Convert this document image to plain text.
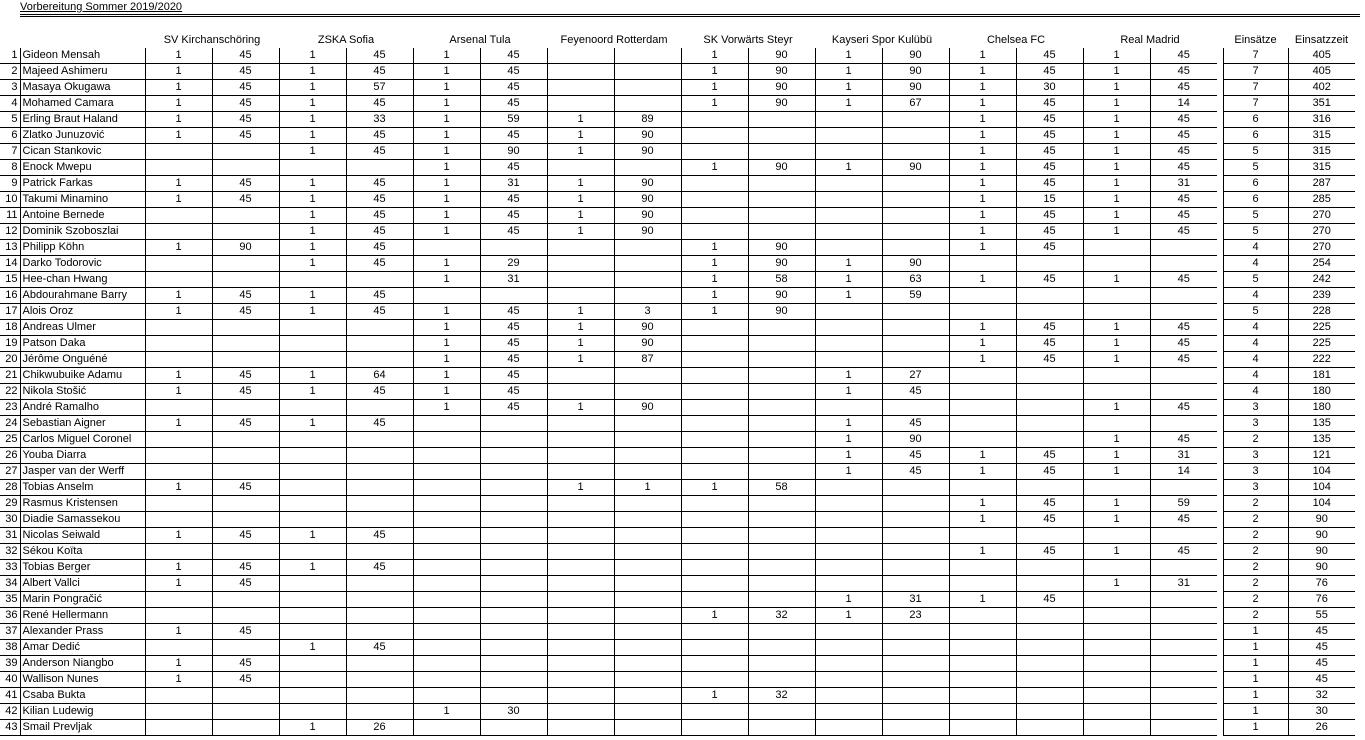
Vorbereitung Sommer 2019/2020
		SV Kirchanschöring		ZSKA Sofia		Arsenal Tula		Feyenoord Rotterdam		SK Vorwärts Steyr		Kayseri Spor Kulübü		Chelsea FC		Real Madrid			Einsätze	Einsatzzeit
1	Gideon Mensah	1	45	1	45	1	45			1	90	1	90	1	45	1	45		7	405
2	Majeed Ashimeru	1	45	1	45	1	45			1	90	1	90	1	45	1	45		7	405
3	Masaya Okugawa	1	45	1	57	1	45			1	90	1	90	1	30	1	45		7	402
4	Mohamed Camara	1	45	1	45	1	45			1	90	1	67	1	45	1	14		7	351
5	Erling Braut Haland	1	45	1	33	1	59	1	89					1	45	1	45		6	316
6	Zlatko Junuzović	1	45	1	45	1	45	1	90					1	45	1	45		6	315
7	Cican Stankovic			1	45	1	90	1	90					1	45	1	45		5	315
8	Enock Mwepu					1	45			1	90	1	90	1	45	1	45		5	315
9	Patrick Farkas	1	45	1	45	1	31	1	90					1	45	1	31		6	287
10	Takumi Minamino	1	45	1	45	1	45	1	90					1	15	1	45		6	285
11	Antoine Bernede			1	45	1	45	1	90					1	45	1	45		5	270
12	Dominik Szoboszlai			1	45	1	45	1	90					1	45	1	45		5	270
13	Philipp Köhn	1	90	1	45					1	90			1	45				4	270
14	Darko Todorovic			1	45	1	29			1	90	1	90						4	254
15	Hee-chan Hwang					1	31			1	58	1	63	1	45	1	45		5	242
16	Abdourahmane Barry	1	45	1	45					1	90	1	59						4	239
17	Alois Oroz	1	45	1	45	1	45	1	3	1	90								5	228
18	Andreas Ulmer					1	45	1	90					1	45	1	45		4	225
19	Patson Daka					1	45	1	90					1	45	1	45		4	225
20	Jérôme Onguéné					1	45	1	87					1	45	1	45		4	222
21	Chikwubuike Adamu	1	45	1	64	1	45					1	27						4	181
22	Nikola Stošić	1	45	1	45	1	45					1	45						4	180
23	André Ramalho					1	45	1	90							1	45		3	180
24	Sebastian Aigner	1	45	1	45							1	45						3	135
25	Carlos Miguel Coronel											1	90			1	45		2	135
26	Youba Diarra											1	45	1	45	1	31		3	121
27	Jasper van der Werff											1	45	1	45	1	14		3	104
28	Tobias Anselm	1	45					1	1	1	58								3	104
29	Rasmus Kristensen													1	45	1	59		2	104
30	Diadie Samassekou													1	45	1	45		2	90
31	Nicolas Seiwald	1	45	1	45														2	90
32	Sékou Koïta													1	45	1	45		2	90
33	Tobias Berger	1	45	1	45														2	90
34	Albert Vallci	1	45													1	31		2	76
35	Marin Pongračić											1	31	1	45				2	76
36	René Hellermann									1	32	1	23						2	55
37	Alexander Prass	1	45																1	45
38	Amar Dedić			1	45														1	45
39	Anderson Niangbo	1	45																1	45
40	Wallison Nunes	1	45																1	45
41	Csaba Bukta									1	32								1	32
42	Kilian Ludewig					1	30												1	30
43	Smail Prevljak			1	26														1	26
